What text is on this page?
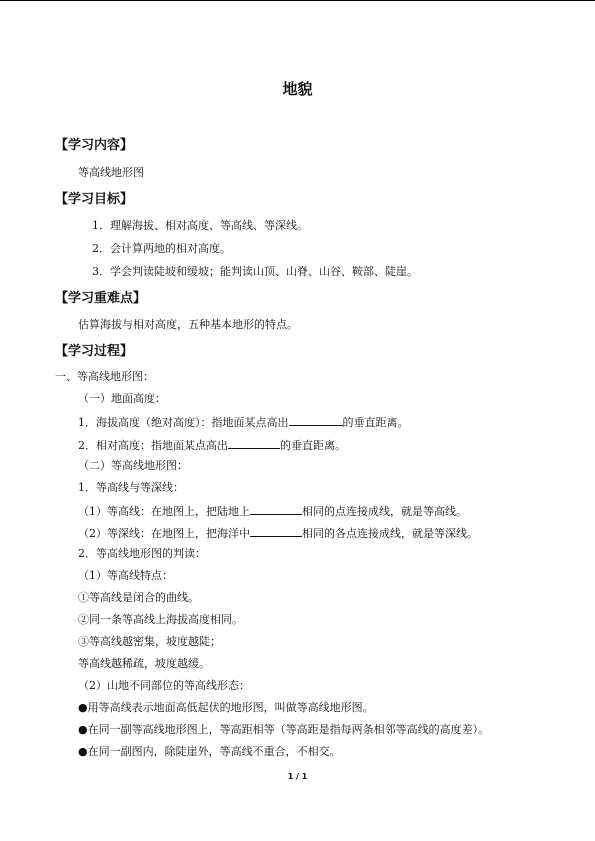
地貌
【学习内容】
等高线地形图
【学习目标】
1．理解海拔、相对高度、等高线、等深线。
2．会计算两地的相对高度。
3．学会判读陡坡和缓坡；能判读山顶、山脊、山谷、鞍部、陡崖。
【学习重难点】
估算海拔与相对高度，五种基本地形的特点。
【学习过程】
一、等高线地形图：
（一）地面高度：
1．海拔高度（绝对高度）：指地面某点高出	的垂直距离。
2．相对高度：指地面某点高出	的垂直距离。
（二）等高线地形图：
1．等高线与等深线：
（1）等高线：在地图上，把陆地上	相同的点连接成线，就是等高线。
（2）等深线：在地图上，把海洋中	相同的各点连接成线，就是等深线。
2．等高线地形图的判读：
（1）等高线特点：
①等高线是闭合的曲线。
②同一条等高线上海拔高度相同。
③等高线越密集，坡度越陡；
等高线越稀疏，坡度越缓。
（2）山地不同部位的等高线形态：
●用等高线表示地面高低起伏的地形图，叫做等高线地形图。
●在同一副等高线地形图上，等高距相等（等高距是指每两条相邻等高线的高度差）。
●在同一副图内，除陡崖外，等高线不重合，不相交。
1 / 1
